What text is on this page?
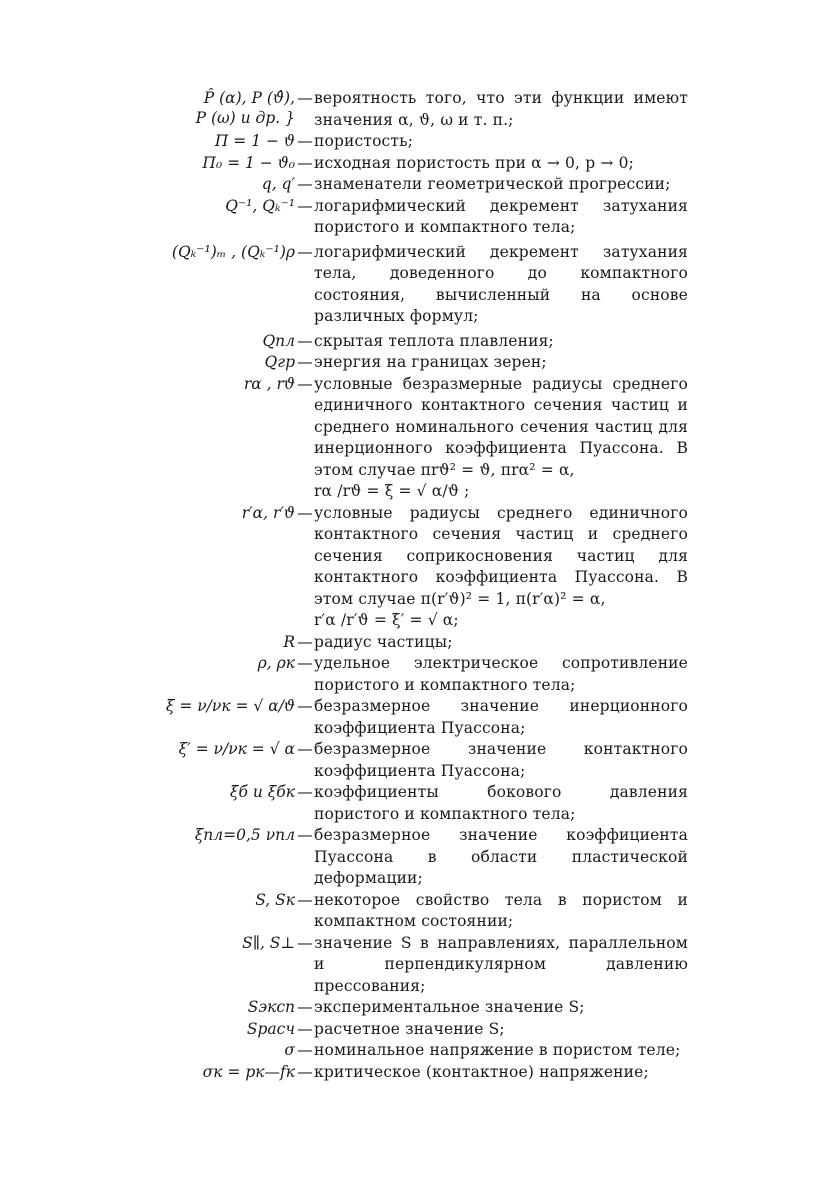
P̂ (α), P (ϑ̂),
P (ω) и др. }
— вероятность того, что эти функции имеют значения α, ϑ, ω и т. п.;
П = 1 − ϑ — пористость;
П₀ = 1 − ϑ₀ — исходная пористость при α → 0, p → 0;
q, q′ — знаменатели геометрической прогрессии;
Q⁻¹, Qₖ⁻¹ — логарифмический декремент затухания пористого и компактного тела;
(Qₖ⁻¹)ₘ , (Qₖ⁻¹)ρ — логарифмический декремент затухания тела, доведенного до компактного состояния, вычисленный на основе различных формул;
Qпл — скрытая теплота плавления;
Qгр — энергия на границах зерен;
rα , rϑ — условные безразмерные радиусы среднего единичного контактного сечения частиц и среднего номинального сечения частиц для инерционного коэффициента Пуассона. В этом случае πrϑ² = ϑ, πrα² = α,
rα /rϑ = ξ = √ α/ϑ ;
r′α, r′ϑ — условные радиусы среднего единичного контактного сечения частиц и среднего сечения соприкосновения частиц для контактного коэффициента Пуассона. В этом случае π(r′ϑ)² = 1, π(r′α)² = α,
r′α /r′ϑ = ξ′ = √ α;
R — радиус частицы;
ρ, ρк — удельное электрическое сопротивление пористого и компактного тела;
ξ = ν/νк = √ α/ϑ — безразмерное значение инерционного коэффициента Пуассона;
ξ′ = ν/νк = √ α — безразмерное значение контактного коэффициента Пуассона;
ξб и ξбк — коэффициенты бокового давления пористого и компактного тела;
ξпл=0,5 νпл — безразмерное значение коэффициента Пуассона в области пластической деформации;
S, Sк — некоторое свойство тела в пористом и компактном состоянии;
S∥, S⊥ — значение S в направлениях, параллельном и перпендикулярном давлению прессования;
Sэксп — экспериментальное значение S;
Sрасч — расчетное значение S;
σ — номинальное напряжение в пористом теле;
σк = pк—fк — критическое (контактное) напряжение;
